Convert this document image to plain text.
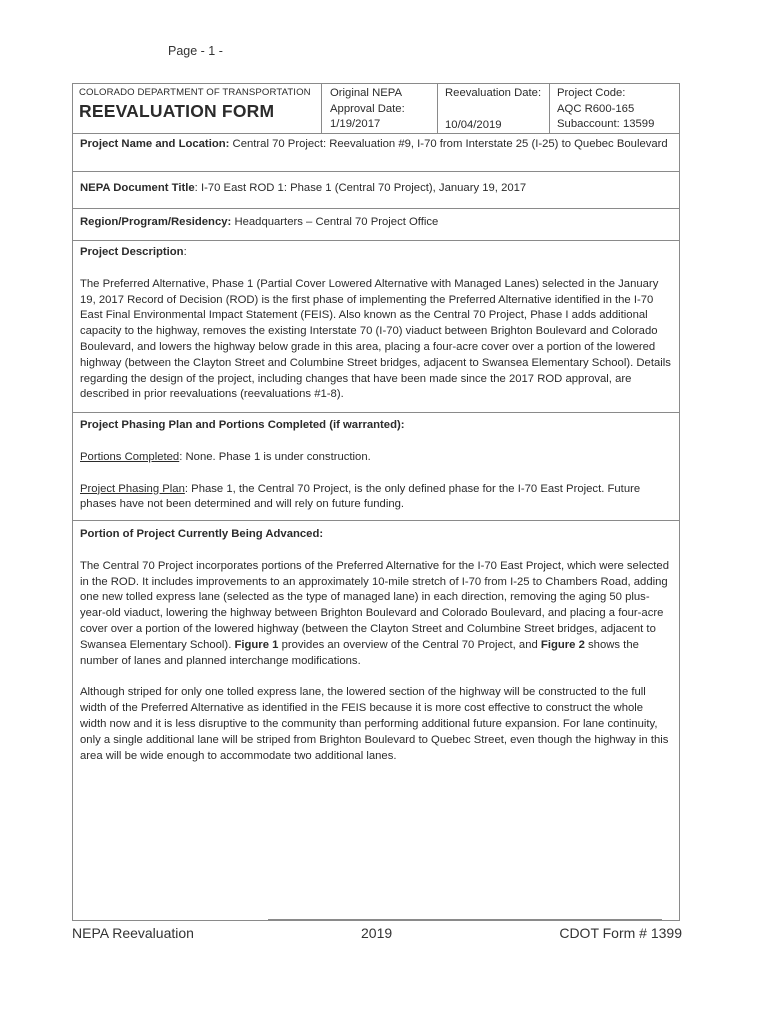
Page - 1 -
COLORADO DEPARTMENT OF TRANSPORTATION
REEVALUATION FORM
Original NEPA
Approval Date:
1/19/2017
Reevaluation Date:
10/04/2019
Project Code:
AQC R600-165
Subaccount: 13599
Project Name and Location: Central 70 Project: Reevaluation #9, I-70 from Interstate 25 (I-25) to Quebec Boulevard
NEPA Document Title: I-70 East ROD 1: Phase 1 (Central 70 Project), January 19, 2017
Region/Program/Residency: Headquarters – Central 70 Project Office

Project Description:

The Preferred Alternative, Phase 1 (Partial Cover Lowered Alternative with Managed Lanes) selected in the January 19, 2017 Record of Decision (ROD) is the first phase of implementing the Preferred Alternative identified in the I-70 East Final Environmental Impact Statement (FEIS). Also known as the Central 70 Project, Phase I adds additional capacity to the highway, removes the existing Interstate 70 (I-70) viaduct between Brighton Boulevard and Colorado Boulevard, and lowers the highway below grade in this area, placing a four-acre cover over a portion of the lowered highway (between the Clayton Street and Columbine Street bridges, adjacent to Swansea Elementary School). Details regarding the design of the project, including changes that have been made since the 2017 ROD approval, are described in prior reevaluations (reevaluations #1-8).

Project Phasing Plan and Portions Completed (if warranted):

Portions Completed: None. Phase 1 is under construction.

Project Phasing Plan: Phase 1, the Central 70 Project, is the only defined phase for the I-70 East Project. Future phases have not been determined and will rely on future funding.

Portion of Project Currently Being Advanced:

The Central 70 Project incorporates portions of the Preferred Alternative for the I-70 East Project, which were selected in the ROD. It includes improvements to an approximately 10-mile stretch of I-70 from I-25 to Chambers Road, adding one new tolled express lane (selected as the type of managed lane) in each direction, removing the aging 50 plus-year-old viaduct, lowering the highway between Brighton Boulevard and Colorado Boulevard, and placing a four-acre cover over a portion of the lowered highway (between the Clayton Street and Columbine Street bridges, adjacent to Swansea Elementary School). Figure 1 provides an overview of the Central 70 Project, and Figure 2 shows the number of lanes and planned interchange modifications.

Although striped for only one tolled express lane, the lowered section of the highway will be constructed to the full width of the Preferred Alternative as identified in the FEIS because it is more cost effective to construct the whole width now and it is less disruptive to the community than performing additional future expansion. For lane continuity, only a single additional lane will be striped from Brighton Boulevard to Quebec Street, even though the highway in this area will be wide enough to accommodate two additional lanes.

NEPA Reevaluation	2019	CDOT Form # 1399
